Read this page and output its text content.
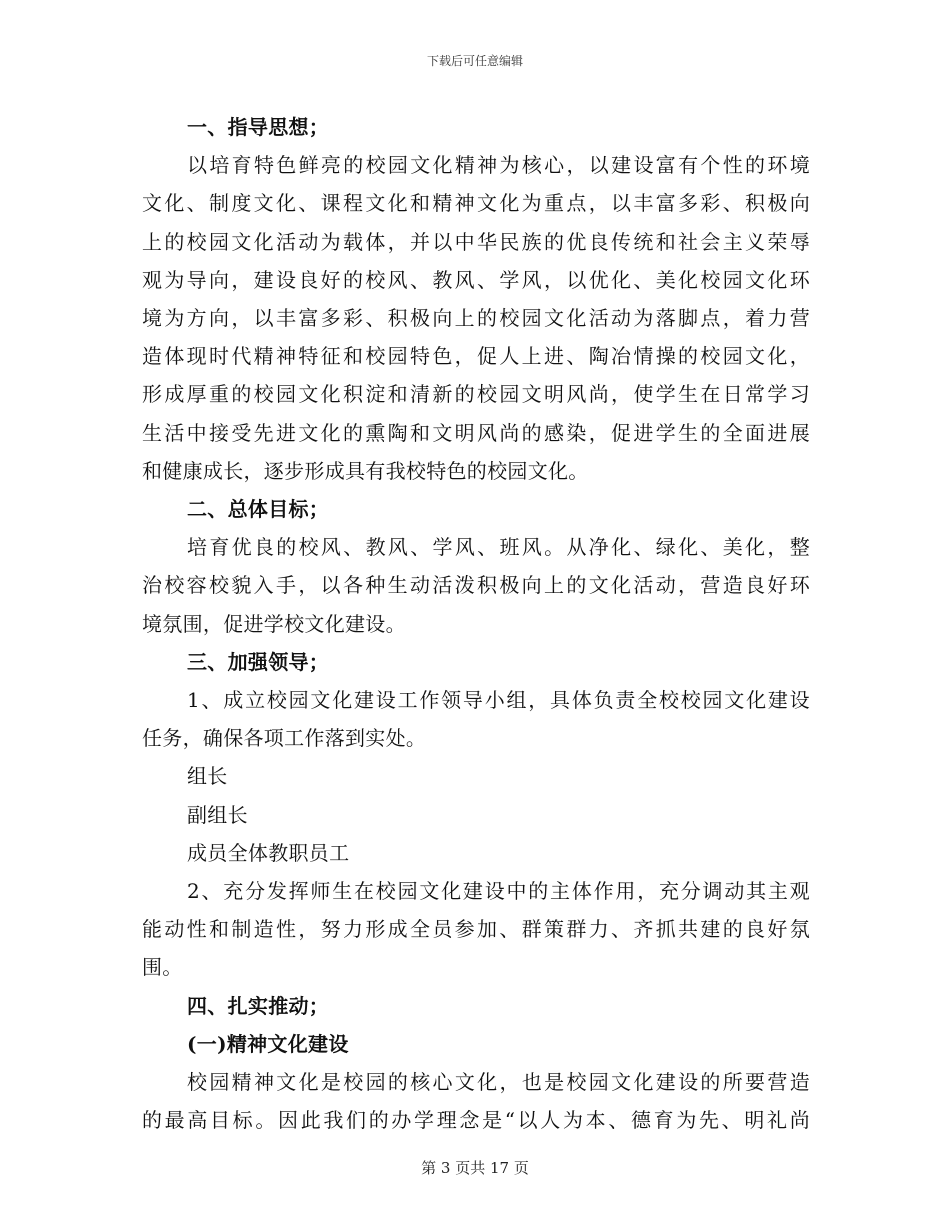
下载后可任意编辑
一、指导思想；
以培育特色鲜亮的校园文化精神为核心，以建设富有个性的环境
文化、制度文化、课程文化和精神文化为重点，以丰富多彩、积极向
上的校园文化活动为载体，并以中华民族的优良传统和社会主义荣辱
观为导向，建设良好的校风、教风、学风，以优化、美化校园文化环
境为方向，以丰富多彩、积极向上的校园文化活动为落脚点，着力营
造体现时代精神特征和校园特色，促人上进、陶冶情操的校园文化，
形成厚重的校园文化积淀和清新的校园文明风尚，使学生在日常学习
生活中接受先进文化的熏陶和文明风尚的感染，促进学生的全面进展
和健康成长，逐步形成具有我校特色的校园文化。
二、总体目标；
培育优良的校风、教风、学风、班风。从净化、绿化、美化，整
治校容校貌入手，以各种生动活泼积极向上的文化活动，营造良好环
境氛围，促进学校文化建设。
三、加强领导；
1、成立校园文化建设工作领导小组，具体负责全校校园文化建设
任务，确保各项工作落到实处。
组长
副组长
成员全体教职员工
2、充分发挥师生在校园文化建设中的主体作用，充分调动其主观
能动性和制造性，努力形成全员参加、群策群力、齐抓共建的良好氛
围。
四、扎实推动；
(一)精神文化建设
校园精神文化是校园的核心文化，也是校园文化建设的所要营造
的最高目标。因此我们的办学理念是“以人为本、德育为先、明礼尚
第 3 页共 17 页
